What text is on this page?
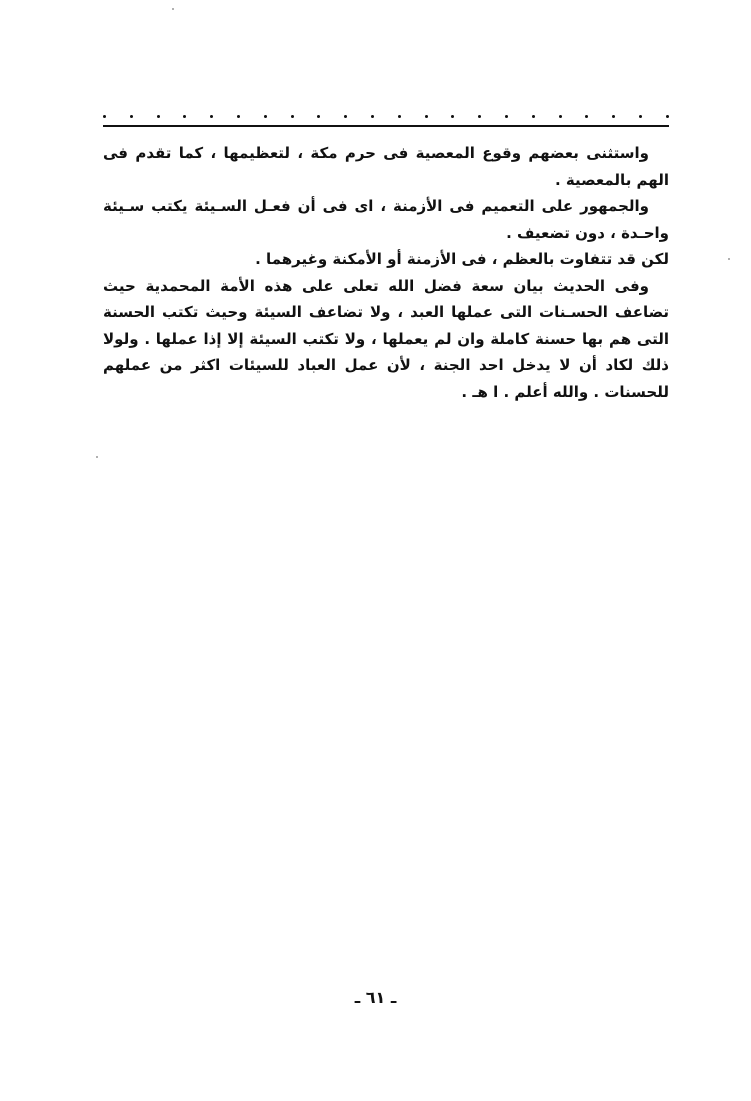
واستثنى بعضهم وقوع المعصية فى حرم مكة ، لتعظيمها ، كما تقدم فى الهم بالمعصية .

والجمهور على التعميم فى الأزمنة ، اى فى أن فعـل السـيئة يكتب سـيئة واحـدة ، دون تضعيف .

لكن قد تتفاوت بالعظم ، فى الأزمنة أو الأمكنة وغيرهما .

وفى الحديث بيان سعة فضل الله تعلى على هذه الأمة المحمدية حيث تضاعف الحسـنات التى عملها العبد ، ولا تضاعف السيئة وحيث تكتب الحسنة التى هم بها حسنة كاملة وان لم يعملها ، ولا تكتب السيئة إلا إذا عملها . ولولا ذلك لكاد أن لا يدخل احد الجنة ، لأن عمل العباد للسيئات اكثر من عملهم للحسنات . والله أعلم . ا هـ .

ـ ٦١ ـ
